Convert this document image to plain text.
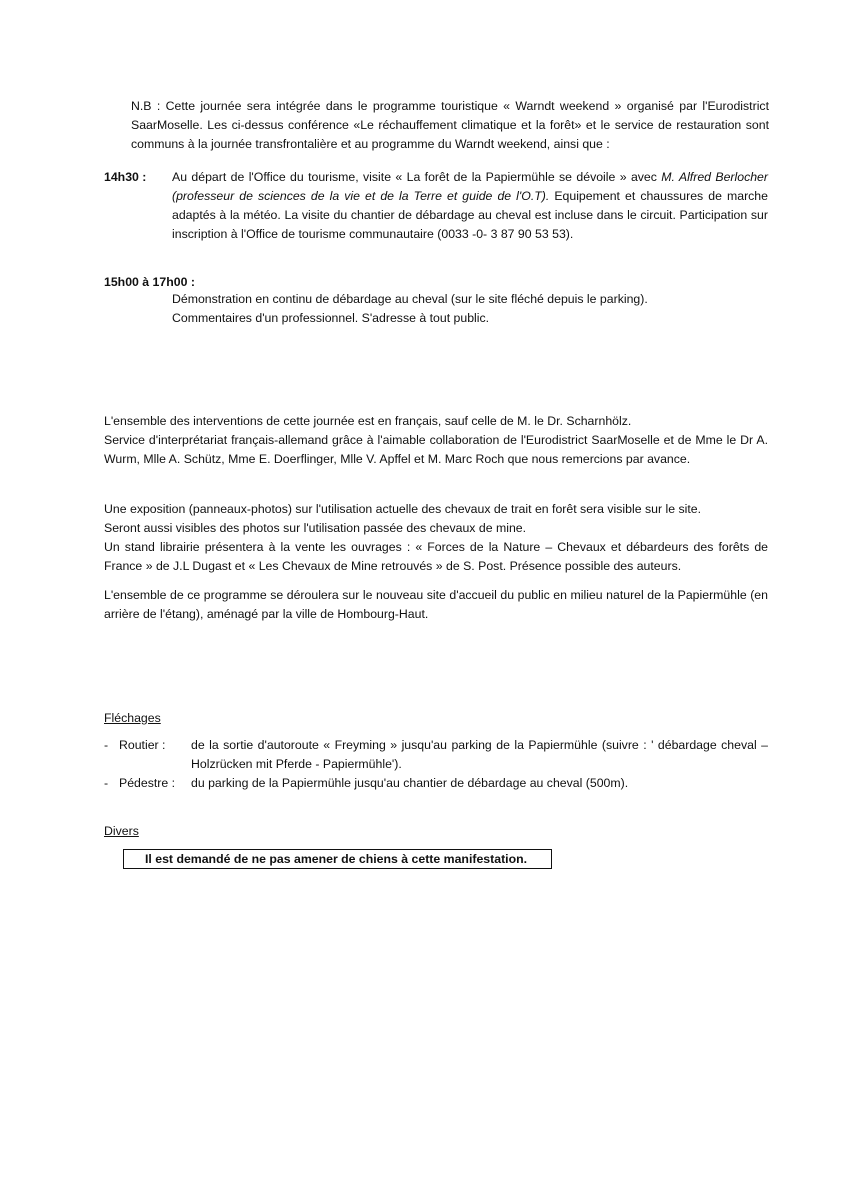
N.B : Cette journée sera intégrée dans le programme touristique « Warndt weekend » organisé par l'Eurodistrict SaarMoselle. Les ci-dessus conférence «Le réchauffement climatique et la forêt» et le service de restauration sont communs à la journée transfrontalière et au programme du Warndt weekend, ainsi que :

14h30 : Au départ de l'Office du tourisme, visite « La forêt de la Papiermühle se dévoile » avec M. Alfred Berlocher (professeur de sciences de la vie et de la Terre et guide de l'O.T). Equipement et chaussures de marche adaptés à la météo. La visite du chantier de débardage au cheval est incluse dans le circuit. Participation sur inscription à l'Office de tourisme communautaire (0033 -0- 3 87 90 53 53).

15h00 à 17h00 :
Démonstration en continu de débardage au cheval (sur le site fléché depuis le parking).
Commentaires d'un professionnel. S'adresse à tout public.
L'ensemble des interventions de cette journée est en français, sauf celle de M. le Dr. Scharnhölz.
Service d'interprétariat français-allemand grâce à l'aimable collaboration de l'Eurodistrict SaarMoselle et de Mme le Dr A. Wurm, Mlle A. Schütz, Mme E. Doerflinger, Mlle V. Apffel et M. Marc Roch que nous remercions par avance.
Une exposition (panneaux-photos) sur l'utilisation actuelle des chevaux de trait en forêt sera visible sur le site.
Seront aussi visibles des photos sur l'utilisation passée des chevaux de mine.
Un stand librairie présentera à la vente les ouvrages : « Forces de la Nature – Chevaux et débardeurs des forêts de France » de J.L Dugast et « Les Chevaux de Mine retrouvés » de S. Post. Présence possible des auteurs.

L'ensemble de ce programme se déroulera sur le nouveau site d'accueil du public en milieu naturel de la Papiermühle (en arrière de l'étang), aménagé par la ville de Hombourg-Haut.

Fléchages
- Routier :	de la sortie d'autoroute « Freyming » jusqu'au parking de la Papiermühle (suivre : ' débardage cheval – Holzrücken mit Pferde - Papiermühle').
- Pédestre :	du parking de la Papiermühle jusqu'au chantier de débardage au cheval (500m).
Divers
Il est demandé de ne pas amener de chiens à cette manifestation.
